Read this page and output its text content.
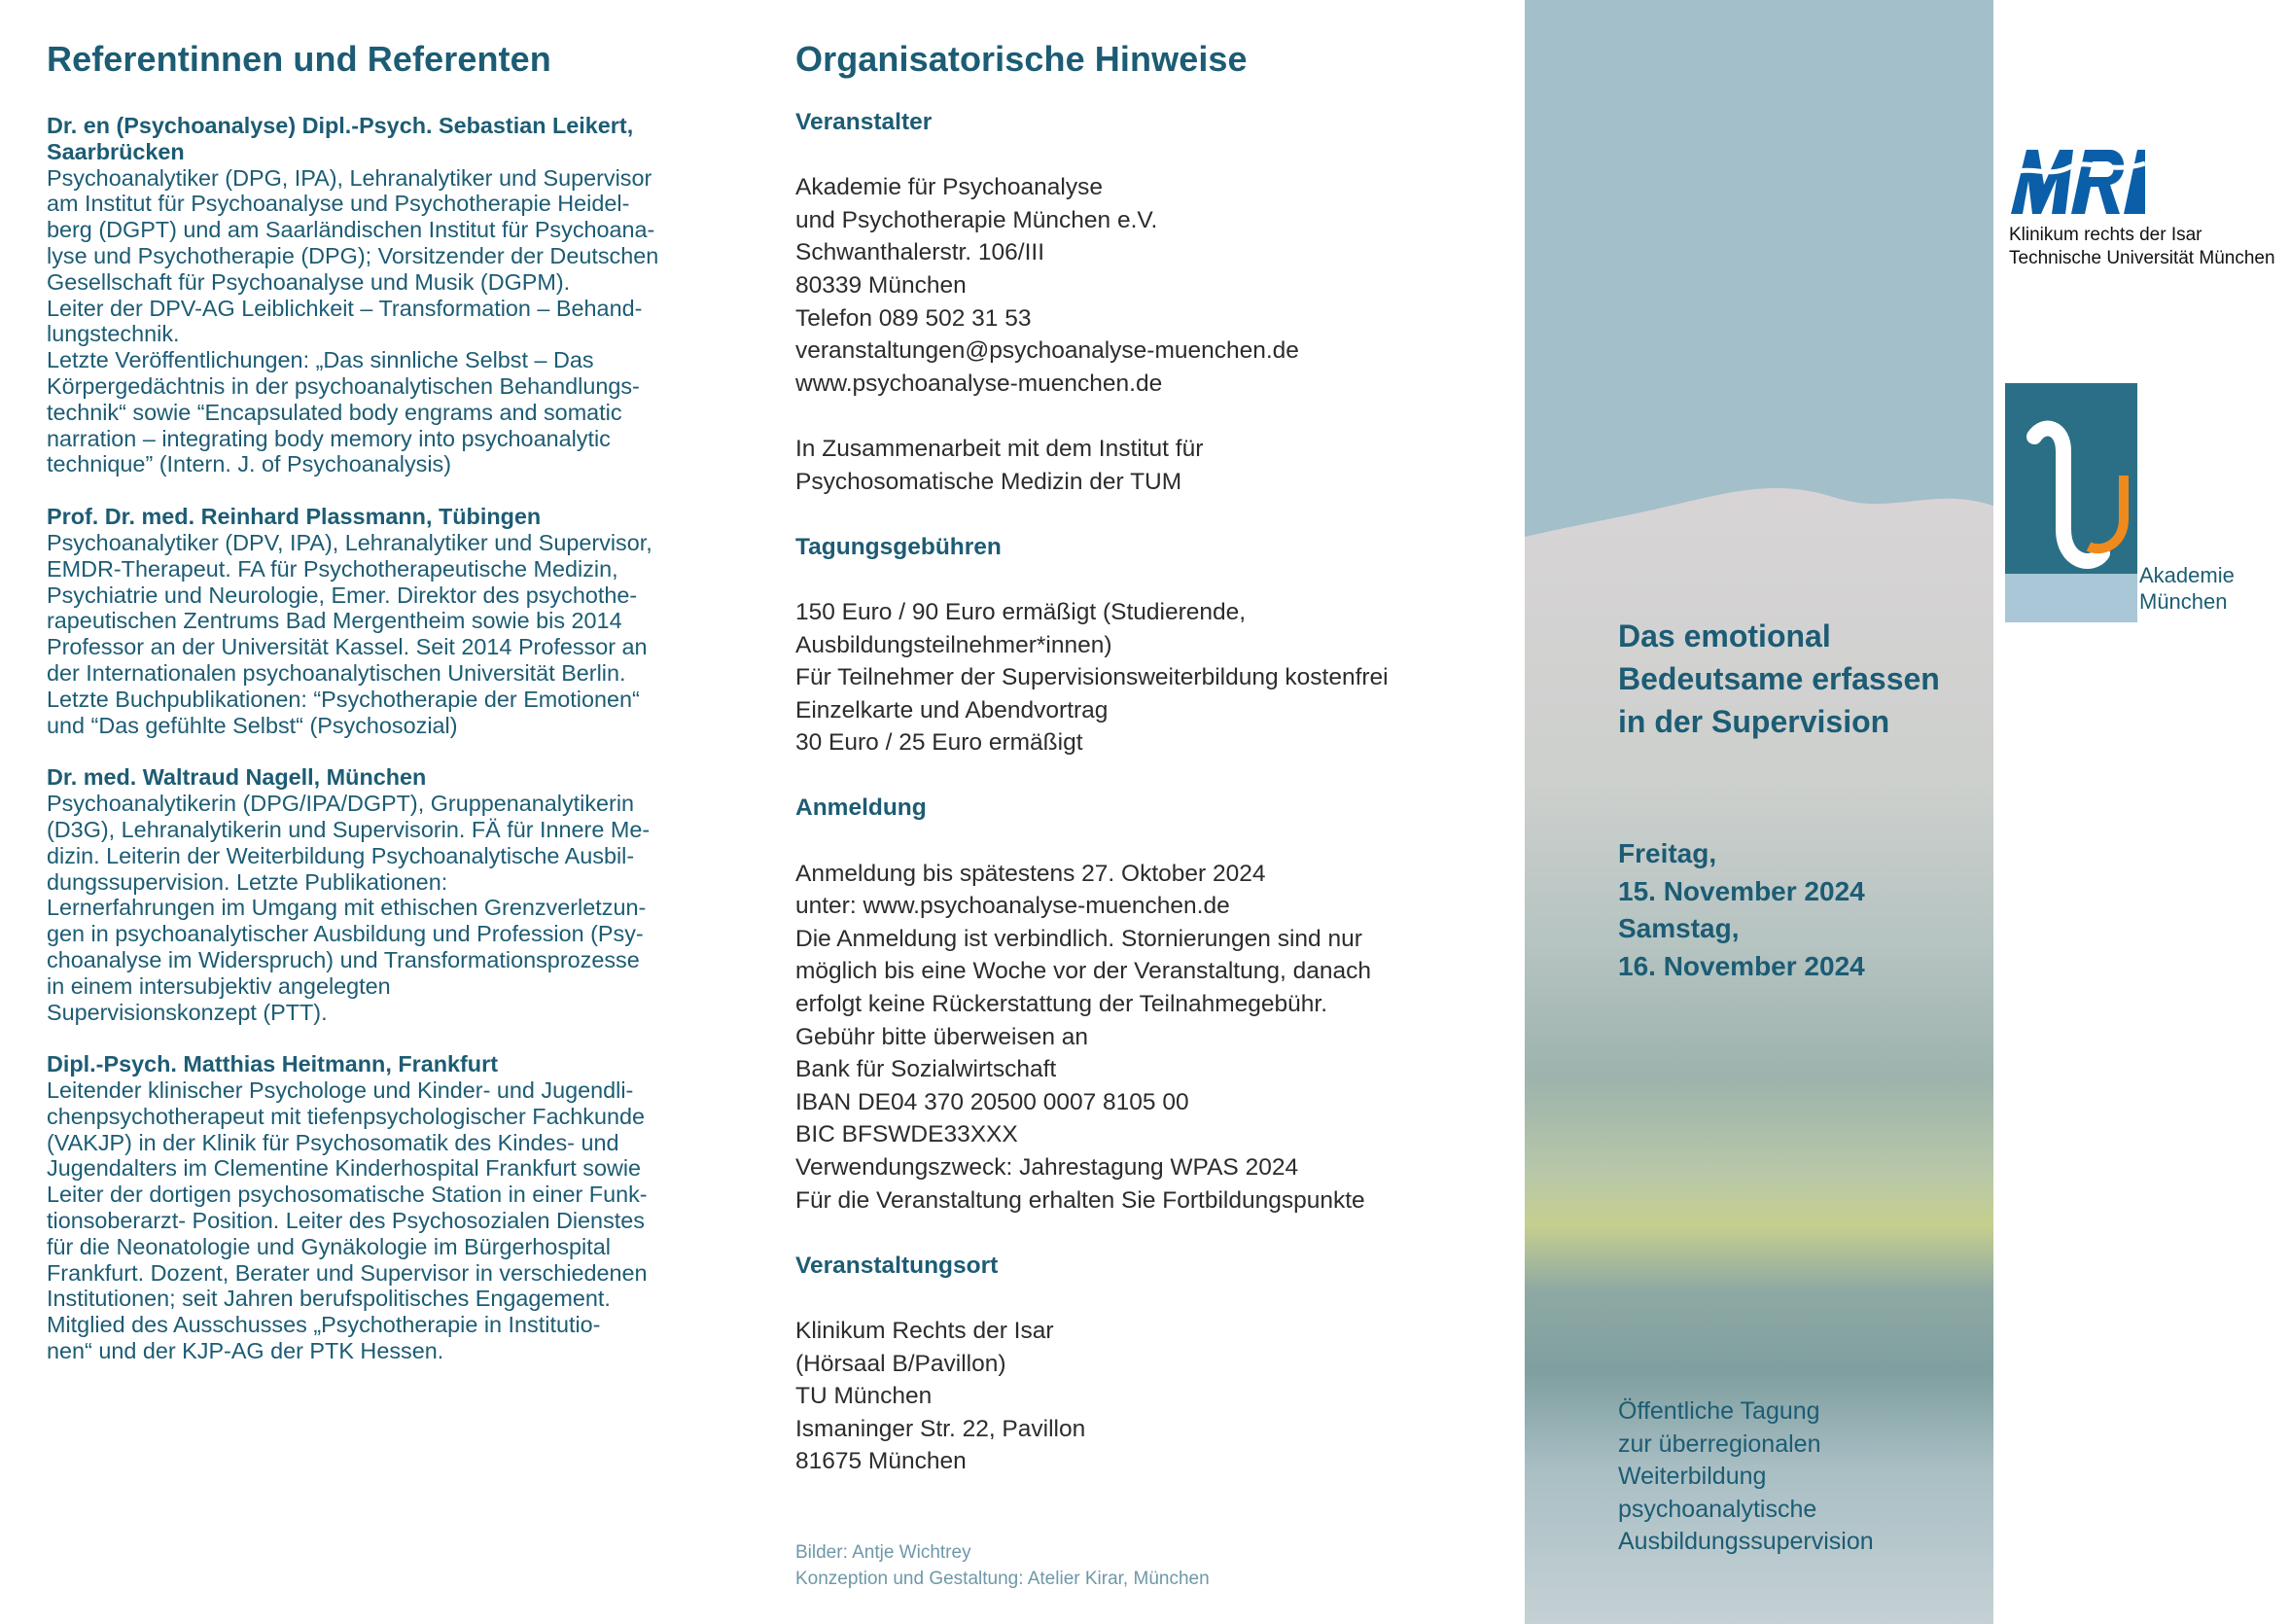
Referentinnen und Referenten
Dr. en (Psychoanalyse) Dipl.-Psych. Sebastian Leikert,
Saarbrücken
Psychoanalytiker (DPG, IPA), Lehranalytiker und Supervisor
am Institut für Psychoanalyse und Psychotherapie Heidel-
berg (DGPT) und am Saarländischen Institut für Psychoana-
lyse und Psychotherapie (DPG); Vorsitzender der Deutschen
Gesellschaft für Psychoanalyse und Musik (DGPM).
Leiter der DPV-AG Leiblichkeit – Transformation – Behand-
lungstechnik.
Letzte Veröffentlichungen: „Das sinnliche Selbst – Das
Körpergedächtnis in der psychoanalytischen Behandlungs-
technik“ sowie “Encapsulated body engrams and somatic
narration – integrating body memory into psychoanalytic
technique” (Intern. J. of Psychoanalysis)
Prof. Dr. med. Reinhard Plassmann, Tübingen
Psychoanalytiker (DPV, IPA), Lehranalytiker und Supervisor,
EMDR-Therapeut. FA für Psychotherapeutische Medizin,
Psychiatrie und Neurologie, Emer. Direktor des psychothe-
rapeutischen Zentrums Bad Mergentheim sowie bis 2014
Professor an der Universität Kassel. Seit 2014 Professor an
der Internationalen psychoanalytischen Universität Berlin.
Letzte Buchpublikationen: “Psychotherapie der Emotionen“
und “Das gefühlte Selbst“ (Psychosozial)
Dr. med. Waltraud Nagell, München
Psychoanalytikerin (DPG/IPA/DGPT), Gruppenanalytikerin
(D3G), Lehranalytikerin und Supervisorin. FÄ für Innere Me-
dizin. Leiterin der Weiterbildung Psychoanalytische Ausbil-
dungssupervision. Letzte Publikationen:
Lernerfahrungen im Umgang mit ethischen Grenzverletzun-
gen in psychoanalytischer Ausbildung und Profession (Psy-
choanalyse im Widerspruch) und Transformationsprozesse
in einem intersubjektiv angelegten
Supervisionskonzept (PTT).
Dipl.-Psych. Matthias Heitmann, Frankfurt
Leitender klinischer Psychologe und Kinder- und Jugendli-
chenpsychotherapeut mit tiefenpsychologischer Fachkunde
(VAKJP) in der Klinik für Psychosomatik des Kindes- und
Jugendalters im Clementine Kinderhospital Frankfurt sowie
Leiter der dortigen psychosomatische Station in einer Funk-
tionsoberarzt- Position. Leiter des Psychosozialen Dienstes
für die Neonatologie und Gynäkologie im Bürgerhospital
Frankfurt. Dozent, Berater und Supervisor in verschiedenen
Institutionen; seit Jahren berufspolitisches Engagement.
Mitglied des Ausschusses „Psychotherapie in Institutio-
nen“ und der KJP-AG der PTK Hessen.
Organisatorische Hinweise
Veranstalter

Akademie für Psychoanalyse
und Psychotherapie München e.V.
Schwanthalerstr. 106/III
80339 München
Telefon 089 502 31 53
veranstaltungen@psychoanalyse-muenchen.de
www.psychoanalyse-muenchen.de

In Zusammenarbeit mit dem Institut für
Psychosomatische Medizin der TUM

Tagungsgebühren

150 Euro / 90 Euro ermäßigt (Studierende,
Ausbildungsteilnehmer*innen)
Für Teilnehmer der Supervisionsweiterbildung kostenfrei
Einzelkarte und Abendvortrag
30 Euro / 25 Euro ermäßigt

Anmeldung

Anmeldung bis spätestens 27. Oktober 2024
unter: www.psychoanalyse-muenchen.de
Die Anmeldung ist verbindlich. Stornierungen sind nur
möglich bis eine Woche vor der Veranstaltung, danach
erfolgt keine Rückerstattung der Teilnahmegebühr.
Gebühr bitte überweisen an
Bank für Sozialwirtschaft
IBAN DE04 370 20500 0007 8105 00
BIC BFSWDE33XXX
Verwendungszweck: Jahrestagung WPAS 2024
Für die Veranstaltung erhalten Sie Fortbildungspunkte

Veranstaltungsort

Klinikum Rechts der Isar
(Hörsaal B/Pavillon)
TU München
Ismaninger Str. 22, Pavillon
81675 München

Bilder: Antje Wichtrey
Konzeption und Gestaltung: Atelier Kirar, München
Das emotional
Bedeutsame erfassen
in der Supervision
Freitag,
15. November 2024
Samstag,
16. November 2024
Öffentliche Tagung
zur überregionalen
Weiterbildung
psychoanalytische
Ausbildungssupervision
Klinikum rechts der Isar
Technische Universität München
Akademie
München
